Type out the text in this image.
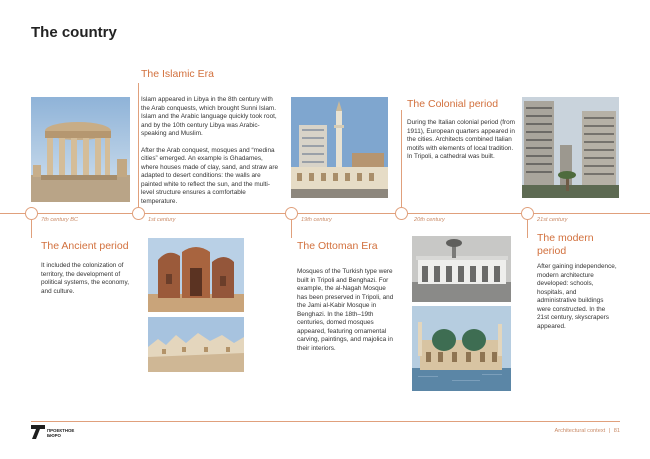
The country
7th century BC	1st century	19th century	20th century	21st century
The Islamic Era

Islam appeared in Libya in the 8th century with the Arab conquests, which brought Sunni Islam. Islam and the Arabic language quickly took root, and by the 10th century Libya was Arabic-speaking and Muslim.

After the Arab conquest, mosques and “medina cities” emerged. An example is Ghadames, where houses made of clay, sand, and straw are adapted to desert conditions: the walls are painted white to reflect the sun, and the multi-level structure ensures a comfortable temperature.

The Colonial period
During the Italian colonial period (from 1911), European quarters appeared in the cities. Architects combined Italian motifs with elements of local tradition. In Tripoli, a cathedral was built.
The Ancient period
It included the colonization of territory, the development of political systems, the economy, and culture.
The Ottoman Era
Mosques of the Turkish type were built in Tripoli and Benghazi. For example, the al-Nagah Mosque has been preserved in Tripoli, and the Jami al-Kabir Mosque in Benghazi. In the 18th–19th centuries, domed mosques appeared, featuring ornamental carving, paintings, and majolica in their interiors.
The modern period
After gaining independence, modern architecture developed: schools, hospitals, and administrative buildings were constructed. In the 21st century, skyscrapers appeared.
ПРОЕКТНОЕ
БЮРО
Architectural context | 81
